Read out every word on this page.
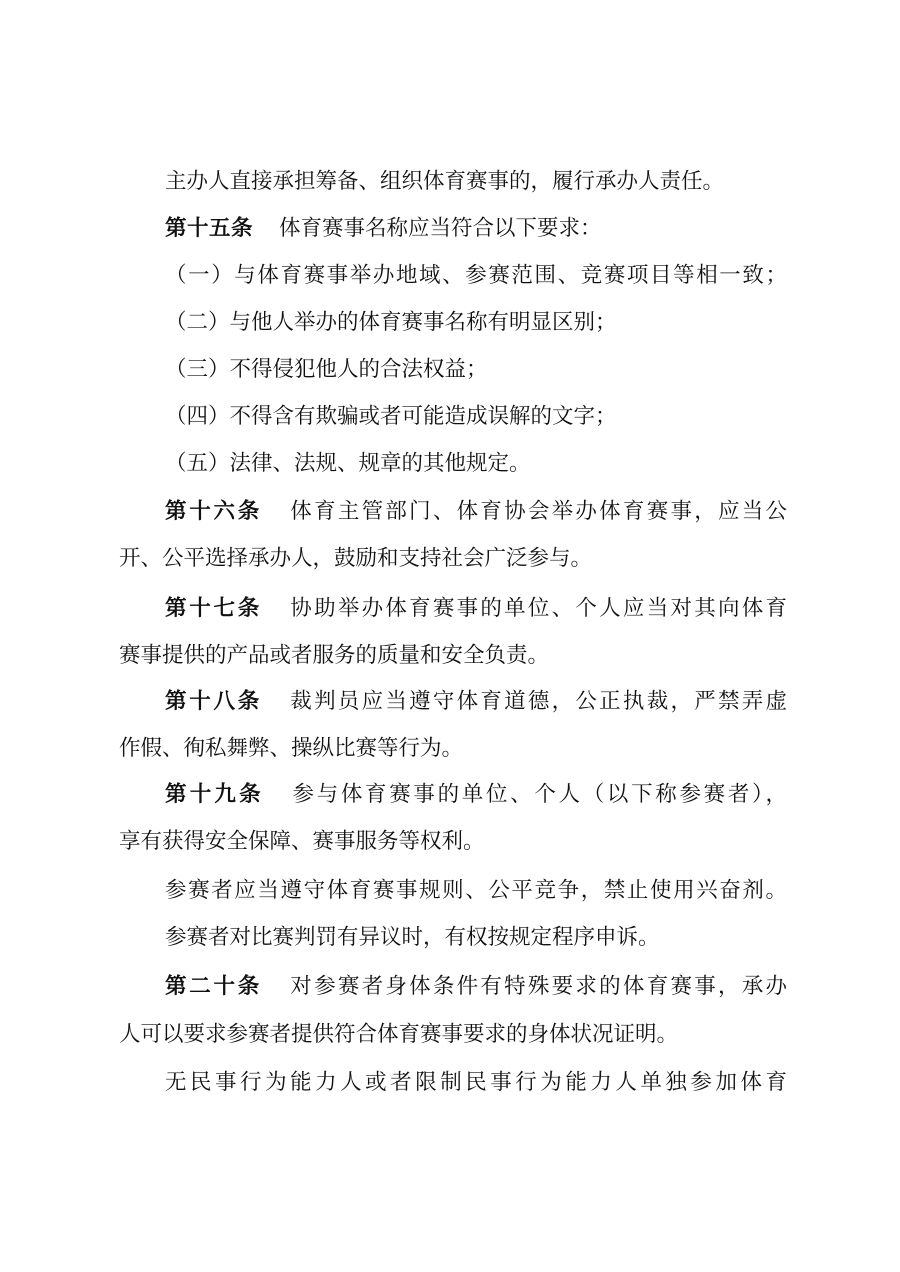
主办人直接承担筹备、组织体育赛事的，履行承办人责任。
第十五条 体育赛事名称应当符合以下要求：
（一）与体育赛事举办地域、参赛范围、竞赛项目等相一致；
（二）与他人举办的体育赛事名称有明显区别；
（三）不得侵犯他人的合法权益；
（四）不得含有欺骗或者可能造成误解的文字；
（五）法律、法规、规章的其他规定。
第十六条 体育主管部门、体育协会举办体育赛事，应当公
开、公平选择承办人，鼓励和支持社会广泛参与。
第十七条 协助举办体育赛事的单位、个人应当对其向体育
赛事提供的产品或者服务的质量和安全负责。
第十八条 裁判员应当遵守体育道德，公正执裁，严禁弄虚
作假、徇私舞弊、操纵比赛等行为。
第十九条 参与体育赛事的单位、个人（以下称参赛者），
享有获得安全保障、赛事服务等权利。
参赛者应当遵守体育赛事规则、公平竞争，禁止使用兴奋剂。
参赛者对比赛判罚有异议时，有权按规定程序申诉。
第二十条 对参赛者身体条件有特殊要求的体育赛事，承办
人可以要求参赛者提供符合体育赛事要求的身体状况证明。
无民事行为能力人或者限制民事行为能力人单独参加体育
